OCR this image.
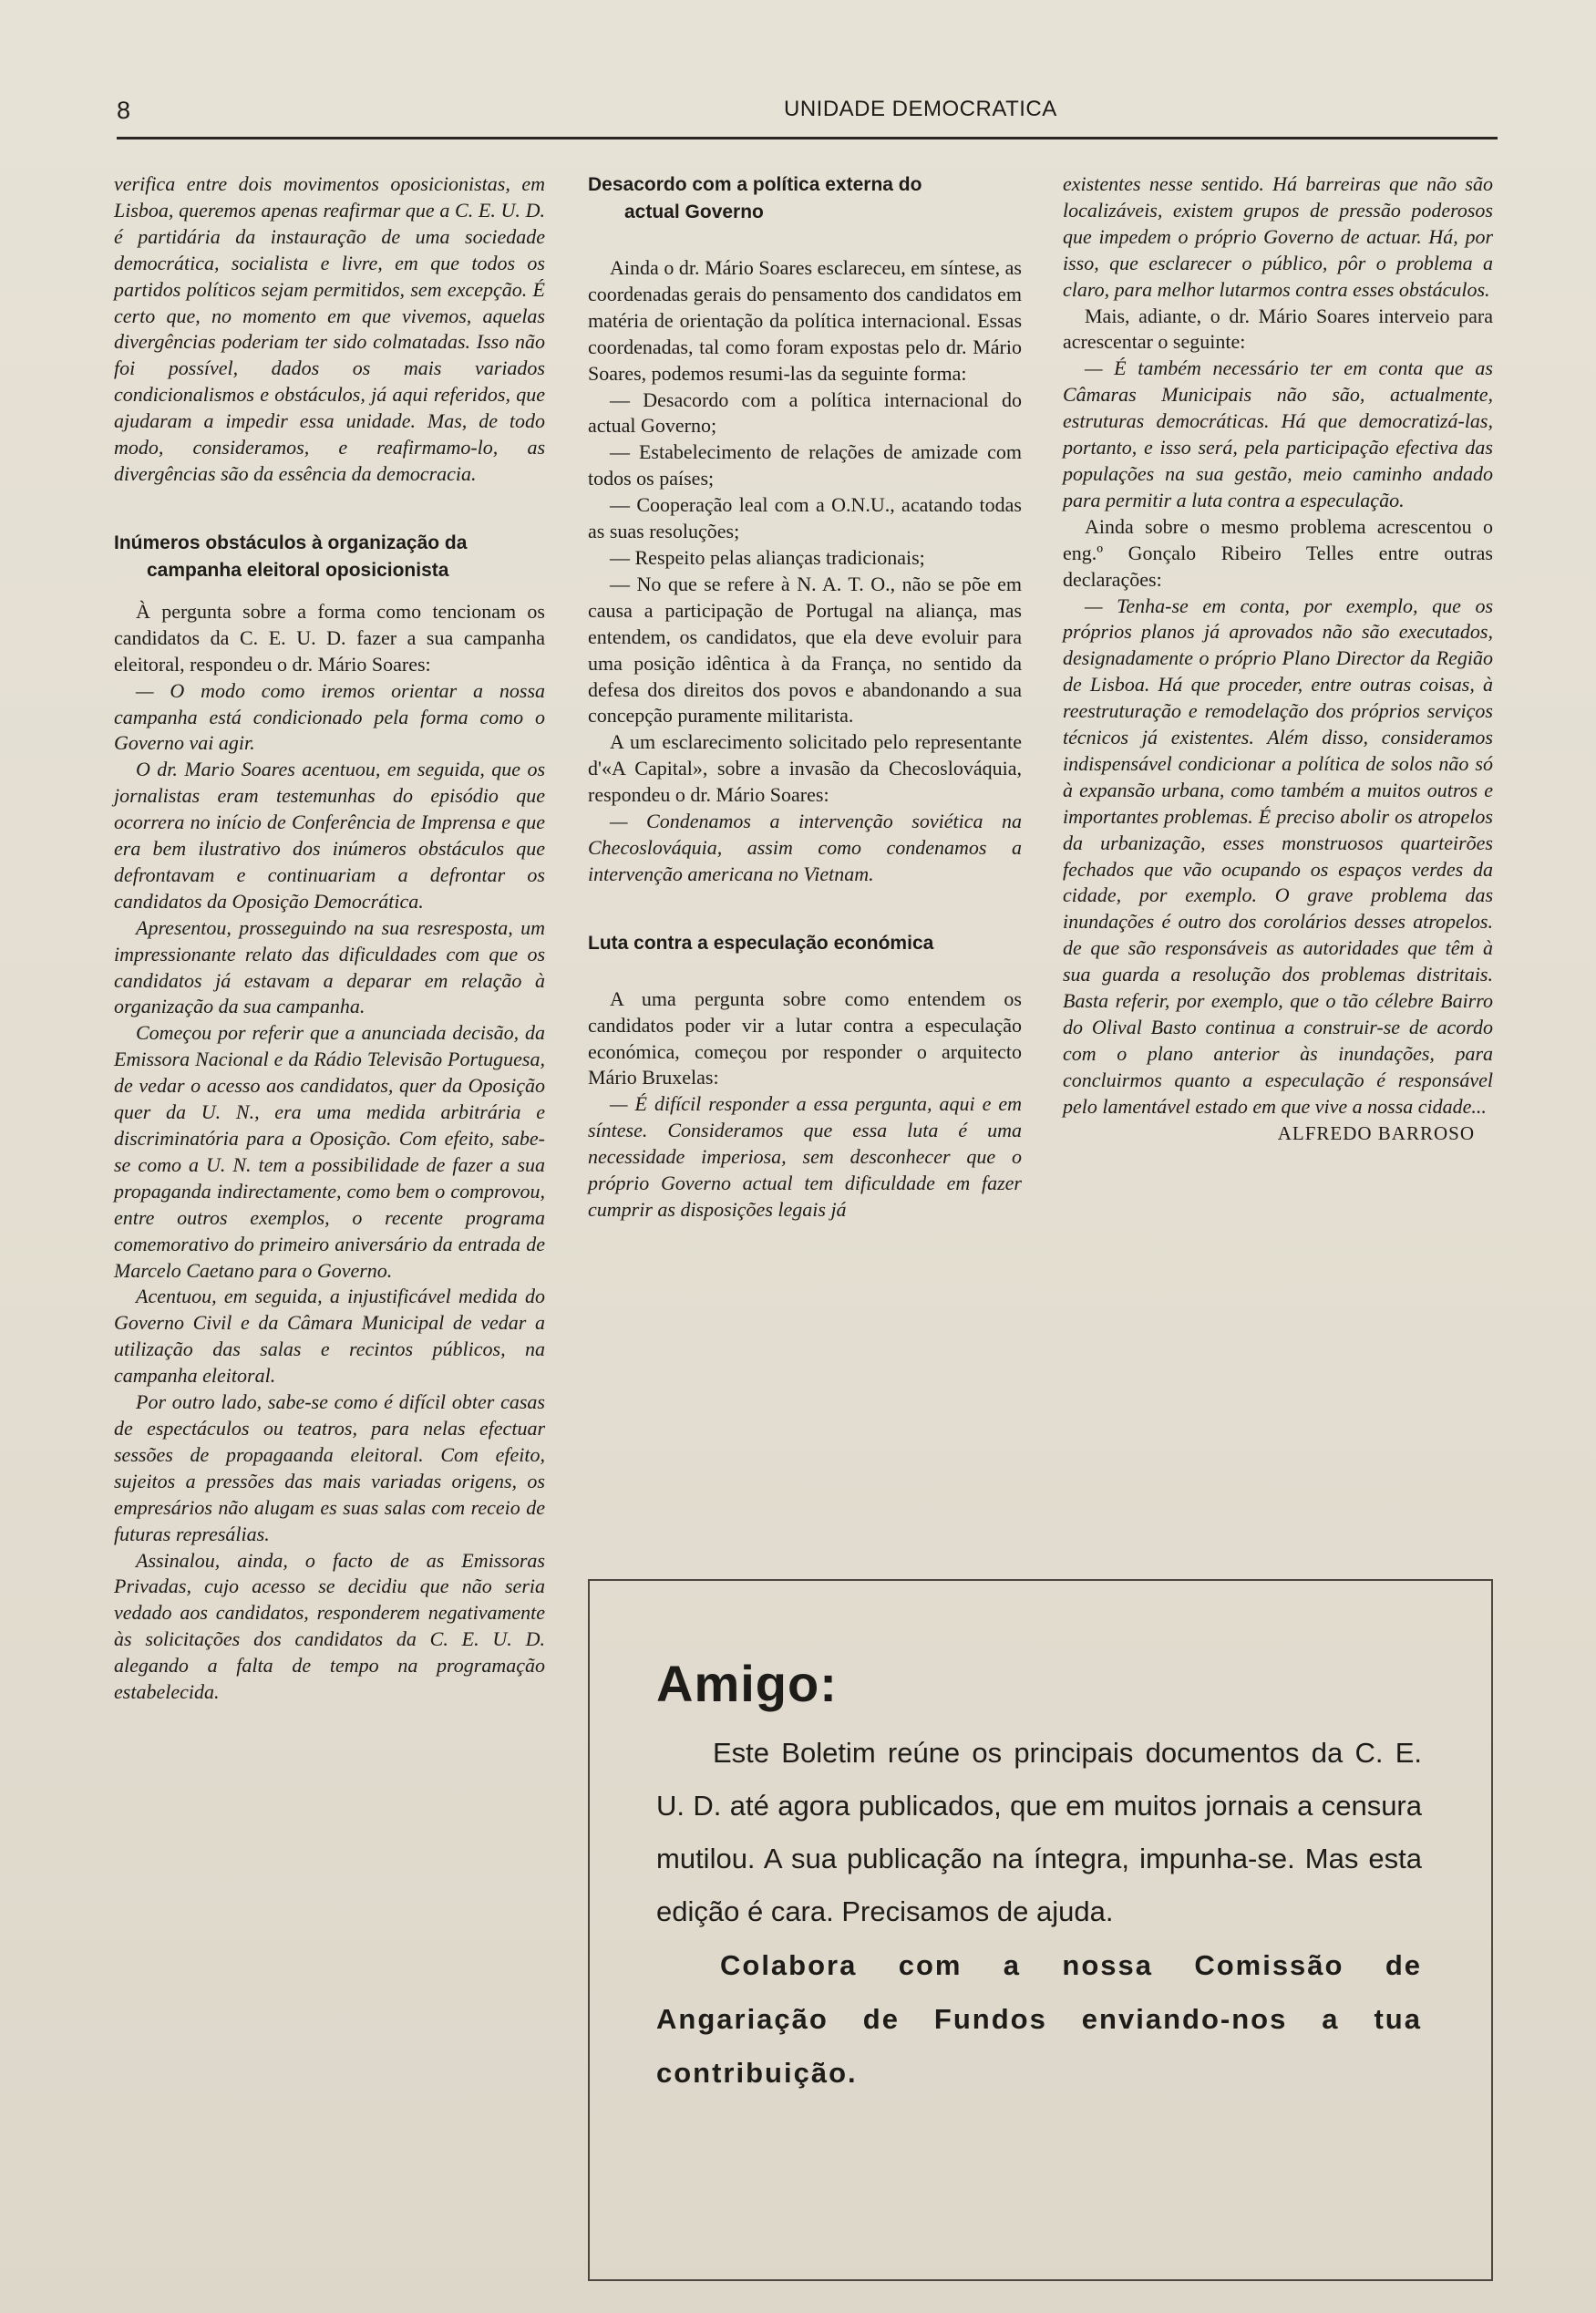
8	UNIDADE DEMOCRATICA

verifica entre dois movimentos oposicionistas, em Lisboa, queremos apenas reafirmar que a C. E. U. D. é partidária da instauração de uma sociedade democrática, socialista e livre, em que todos os partidos políticos sejam permitidos, sem excepção. É certo que, no momento em que vivemos, aquelas divergências poderiam ter sido colmatadas. Isso não foi possível, dados os mais variados condicionalismos e obstáculos, já aqui referidos, que ajudaram a impedir essa unidade. Mas, de todo modo, consideramos, e reafirmamo-lo, as divergências são da essência da democracia.

Inúmeros obstáculos à organização da
campanha eleitoral oposicionista

À pergunta sobre a forma como tencionam os candidatos da C. E. U. D. fazer a sua campanha eleitoral, respondeu o dr. Mário Soares:

— O modo como iremos orientar a nossa campanha está condicionado pela forma como o Governo vai agir.

O dr. Mario Soares acentuou, em seguida, que os jornalistas eram testemunhas do episódio que ocorrera no início de Conferência de Imprensa e que era bem ilustrativo dos inúmeros obstáculos que defrontavam e continuariam a defrontar os candidatos da Oposição Democrática.

Apresentou, prosseguindo na sua resresposta, um impressionante relato das dificuldades com que os candidatos já estavam a deparar em relação à organização da sua campanha.

Começou por referir que a anunciada decisão, da Emissora Nacional e da Rádio Televisão Portuguesa, de vedar o acesso aos candidatos, quer da Oposição quer da U. N., era uma medida arbitrária e discriminatória para a Oposição. Com efeito, sabe-se como a U. N. tem a possibilidade de fazer a sua propaganda indirectamente, como bem o comprovou, entre outros exemplos, o recente programa comemorativo do primeiro aniversário da entrada de Marcelo Caetano para o Governo.

Acentuou, em seguida, a injustificável medida do Governo Civil e da Câmara Municipal de vedar a utilização das salas e recintos públicos, na campanha eleitoral.

Por outro lado, sabe-se como é difícil obter casas de espectáculos ou teatros, para nelas efectuar sessões de propagaanda eleitoral. Com efeito, sujeitos a pressões das mais variadas origens, os empresários não alugam es suas salas com receio de futuras represálias.

Assinalou, ainda, o facto de as Emissoras Privadas, cujo acesso se decidiu que não seria vedado aos candidatos, responderem negativamente às solicitações dos candidatos da C. E. U. D. alegando a falta de tempo na programação estabelecida.

Desacordo com a política externa do
actual Governo

Ainda o dr. Mário Soares esclareceu, em síntese, as coordenadas gerais do pensamento dos candidatos em matéria de orientação da política internacional. Essas coordenadas, tal como foram expostas pelo dr. Mário Soares, podemos resumi-las da seguinte forma:

— Desacordo com a política internacional do actual Governo;

— Estabelecimento de relações de amizade com todos os países;

— Cooperação leal com a O.N.U., acatando todas as suas resoluções;

— Respeito pelas alianças tradicionais;

— No que se refere à N. A. T. O., não se põe em causa a participação de Portugal na aliança, mas entendem, os candidatos, que ela deve evoluir para uma posição idêntica à da França, no sentido da defesa dos direitos dos povos e abandonando a sua concepção puramente militarista.

A um esclarecimento solicitado pelo representante d'«A Capital», sobre a invasão da Checoslováquia, respondeu o dr. Mário Soares:

— Condenamos a intervenção soviética na Checoslováquia, assim como condenamos a intervenção americana no Vietnam.

Luta contra a especulação económica

A uma pergunta sobre como entendem os candidatos poder vir a lutar contra a especulação económica, começou por responder o arquitecto Mário Bruxelas:

— É difícil responder a essa pergunta, aqui e em síntese. Consideramos que essa luta é uma necessidade imperiosa, sem desconhecer que o próprio Governo actual tem dificuldade em fazer cumprir as disposições legais já

existentes nesse sentido. Há barreiras que não são localizáveis, existem grupos de pressão poderosos que impedem o próprio Governo de actuar. Há, por isso, que esclarecer o público, pôr o problema a claro, para melhor lutarmos contra esses obstáculos.

Mais, adiante, o dr. Mário Soares interveio para acrescentar o seguinte:

— É também necessário ter em conta que as Câmaras Municipais não são, actualmente, estruturas democráticas. Há que democratizá-las, portanto, e isso será, pela participação efectiva das populações na sua gestão, meio caminho andado para permitir a luta contra a especulação.

Ainda sobre o mesmo problema acrescentou o eng.º Gonçalo Ribeiro Telles entre outras declarações:

— Tenha-se em conta, por exemplo, que os próprios planos já aprovados não são executados, designadamente o próprio Plano Director da Região de Lisboa. Há que proceder, entre outras coisas, à reestruturação e remodelação dos próprios serviços técnicos já existentes. Além disso, consideramos indispensável condicionar a política de solos não só à expansão urbana, como também a muitos outros e importantes problemas. É preciso abolir os atropelos da urbanização, esses monstruosos quarteirões fechados que vão ocupando os espaços verdes da cidade, por exemplo. O grave problema das inundações é outro dos corolários desses atropelos. de que são responsáveis as autoridades que têm à sua guarda a resolução dos problemas distritais. Basta referir, por exemplo, que o tão célebre Bairro do Olival Basto continua a construir-se de acordo com o plano anterior às inundações, para concluirmos quanto a especulação é responsável pelo lamentável estado em que vive a nossa cidade...

ALFREDO BARROSO

Amigo:

Este Boletim reúne os principais documentos da C. E. U. D. até agora publicados, que em muitos jornais a censura mutilou. A sua publicação na íntegra, impunha-se. Mas esta edição é cara. Precisamos de ajuda.

Colabora com a nossa Comissão de Angariação de Fundos enviando-nos a tua contribuição.
